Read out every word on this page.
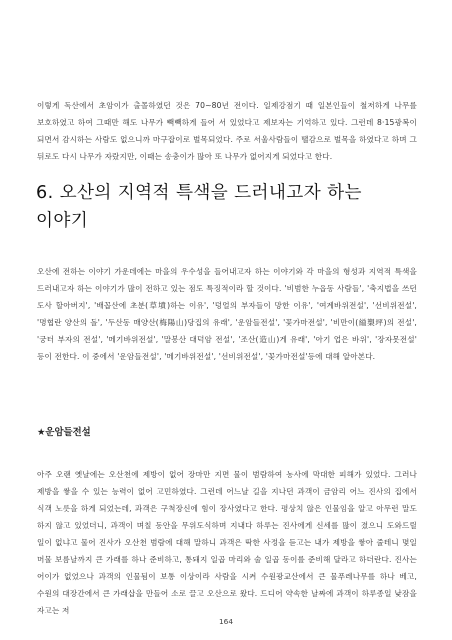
이렇게 독산에서 초암이가 출몰하였던 것은 70~80년 전이다. 일제강점기 때 일본인들이 철저하게 나무를 보호하였고 하여 그때만 해도 나무가 빽빽하게 들어 서 있었다고 제보자는 기억하고 있다. 그런데 8·15광복이 되면서 감시하는 사람도 없으니까 마구잡이로 벌목되었다. 주로 서울사람들이 땔감으로 벌목을 하였다고 하며 그 뒤로도 다시 나무가 자랐지만, 이때는 송충이가 많아 또 나무가 없어지게 되었다고 한다.

6. 오산의 지역적 특색을 드러내고자 하는 이야기

오산에 전하는 이야기 가운데에는 마을의 우수성을 들어내고자 하는 이야기와 각 마을의 형성과 지역적 특색을 드러내고자 하는 이야기가 많이 전하고 있는 점도 특징적이라 할 것이다. '비범한 누읍동 사람들', '축지법을 쓰던 도사 할아버지', '배꼽산에 초분(草墳)하는 이유', '덩얼의 부자들이 망한 이유', '여계바위전설', '선비위전설', '명협란 양산의 돌', '두산동 매양산(梅陽山)당집의 유래', '운암들전설', '꽃가마전설', '비만이(縊槊坪)의 전설', '궁터 부자의 전설', '메기바위전설', '말봉산 대덕암 전설', '조산(造山)게 유래', '아기 업은 바위', '장자못전설' 등이 전한다. 이 중에서 '운암들전설', '메기바위전설', '선비위전설', '꽃가마전설'등에 대해 알아본다.

★운암들전설

아주 오랜 옛날에는 오산천에 제방이 없어 장마만 지면 물이 범람하여 농사에 막대한 피해가 있었다. 그러나 제방을 쌓을 수 있는 능력이 없어 고민하였다. 그런데 어느날 길을 지나던 과객이 금암리 어느 진사의 집에서 식객 노릇을 하게 되었는데, 과객은 구척장신에 힘이 장사였다고 한다. 평상치 않은 인물임을 알고 아무런 말도 하지 않고 있었더니, 과객이 며칠 동안을 무위도식하며 지내다 하루는 진사에게 신세를 많이 졌으니 도와드릴 일이 없냐고 물어 진사가 오산천 범람에 대해 말하니 과객은 딱한 사정을 듣고는 내가 제방을 쌓아 줄테니 몇일 머물 보름날까지 큰 가래를 하나 준비하고, 통돼지 일곱 마리와 술 일곱 동이를 준비해 달라고 하더란다. 진사는 어이가 없었으나 과객의 인물됨이 보통 이상이라 사람을 시켜 수원광교산에서 큰 물푸레나무를 하나 베고, 수원의 대장간에서 큰 가래삽을 만들어 소로 끌고 오산으로 왔다. 드디어 약속한 날짜에 과객이 하루종일 낮잠을 자고는 저

164
